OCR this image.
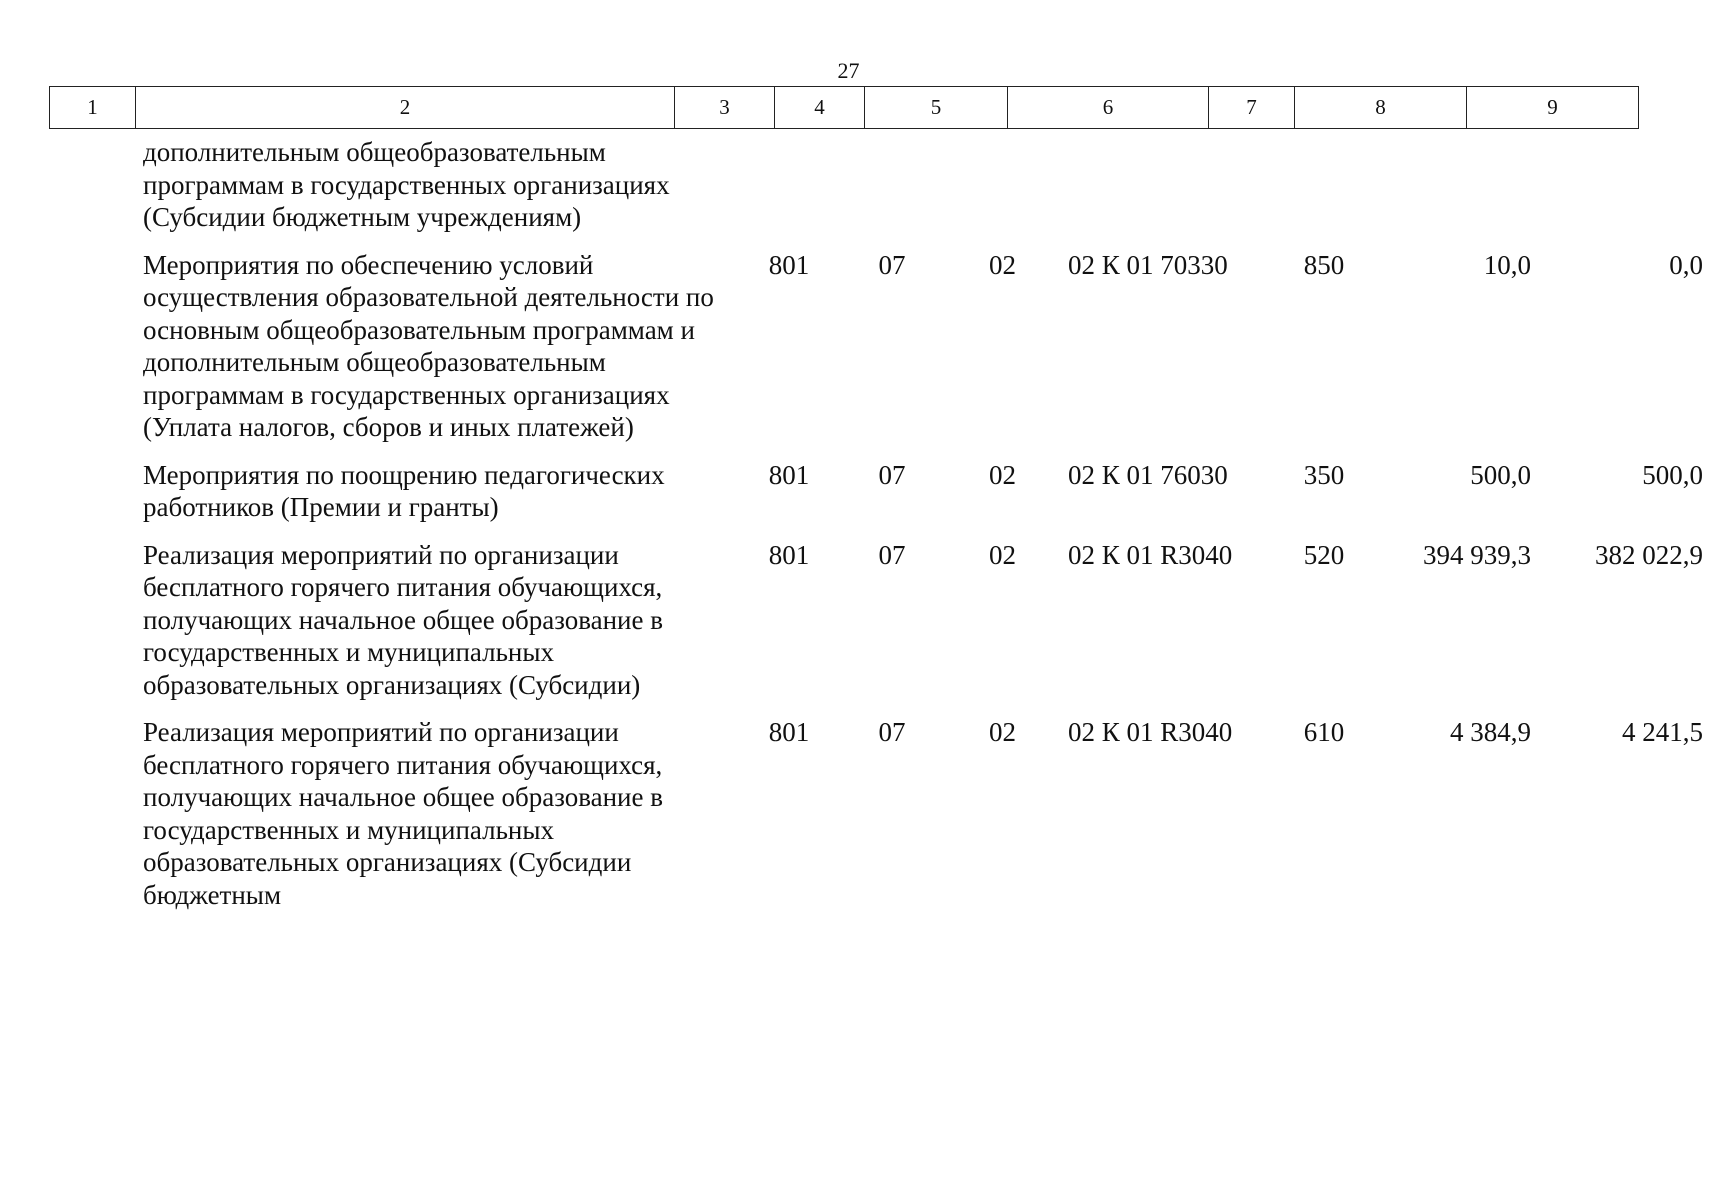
27
1	2	3	4	5	6	7	8	9
дополнительным общеобразовательным программам в государственных организациях (Субсидии бюджетным учреждениям)							
Мероприятия по обеспечению условий осуществления образовательной деятельности по основным общеобразовательным программам и дополнительным общеобразовательным программам в государственных организациях (Уплата налогов, сборов и иных платежей)	801	07	02	02 К 01 70330	850	10,0	0,0
Мероприятия по поощрению педагогических работников (Премии и гранты)	801	07	02	02 К 01 76030	350	500,0	500,0
Реализация мероприятий по организации бесплатного горячего питания обучающихся, получающих начальное общее образование в государственных и муниципальных образовательных организациях (Субсидии)	801	07	02	02 К 01 R3040	520	394 939,3	382 022,9
Реализация мероприятий по организации бесплатного горячего питания обучающихся, получающих начальное общее образование в государственных и муниципальных образовательных организациях (Субсидии бюджетным	801	07	02	02 К 01 R3040	610	4 384,9	4 241,5
